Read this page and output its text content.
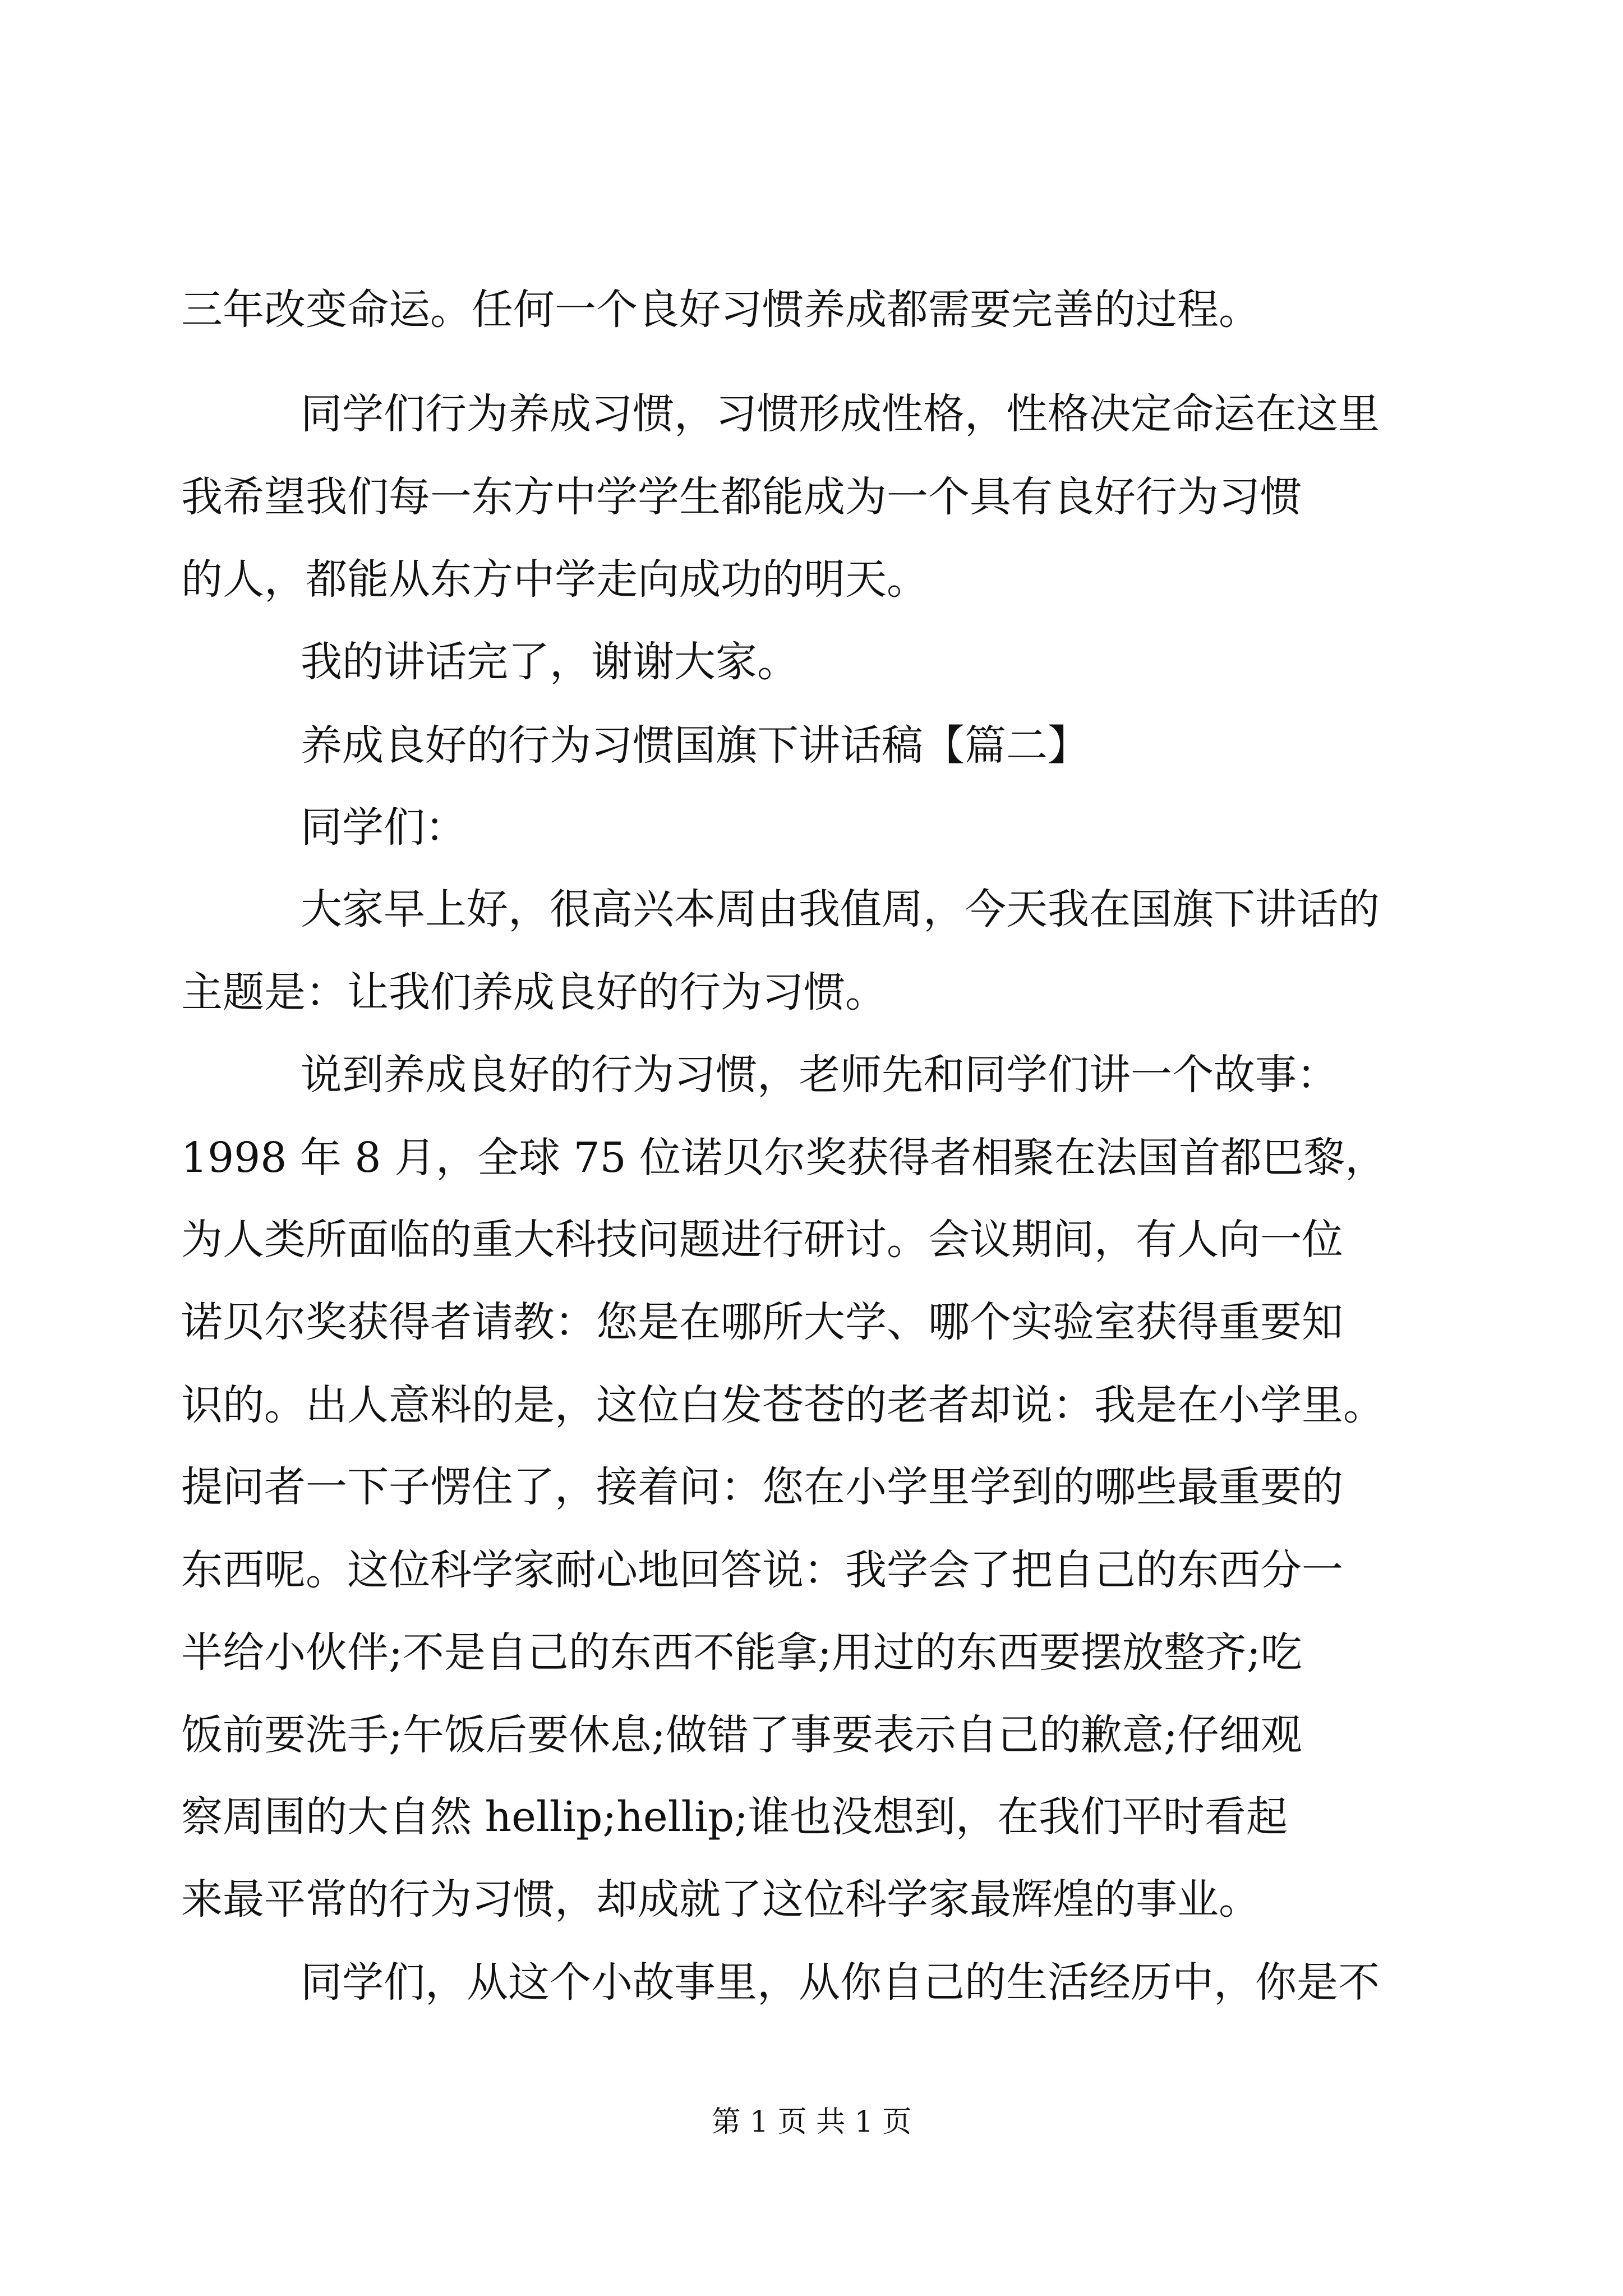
三年改变命运。任何一个良好习惯养成都需要完善的过程。
同学们行为养成习惯，习惯形成性格，性格决定命运在这里
我希望我们每一东方中学学生都能成为一个具有良好行为习惯
的人，都能从东方中学走向成功的明天。
我的讲话完了，谢谢大家。
养成良好的行为习惯国旗下讲话稿【篇二】
同学们：
大家早上好，很高兴本周由我值周，今天我在国旗下讲话的
主题是：让我们养成良好的行为习惯。
说到养成良好的行为习惯，老师先和同学们讲一个故事：
1998 年 8 月，全球 75 位诺贝尔奖获得者相聚在法国首都巴黎，
为人类所面临的重大科技问题进行研讨。会议期间，有人向一位
诺贝尔奖获得者请教：您是在哪所大学、哪个实验室获得重要知
识的。出人意料的是，这位白发苍苍的老者却说：我是在小学里。
提问者一下子愣住了，接着问：您在小学里学到的哪些最重要的
东西呢。这位科学家耐心地回答说：我学会了把自己的东西分一
半给小伙伴;不是自己的东西不能拿;用过的东西要摆放整齐;吃
饭前要洗手;午饭后要休息;做错了事要表示自己的歉意;仔细观
察周围的大自然 hellip;hellip;谁也没想到，在我们平时看起
来最平常的行为习惯，却成就了这位科学家最辉煌的事业。
同学们，从这个小故事里，从你自己的生活经历中，你是不
第 1 页 共 1 页
